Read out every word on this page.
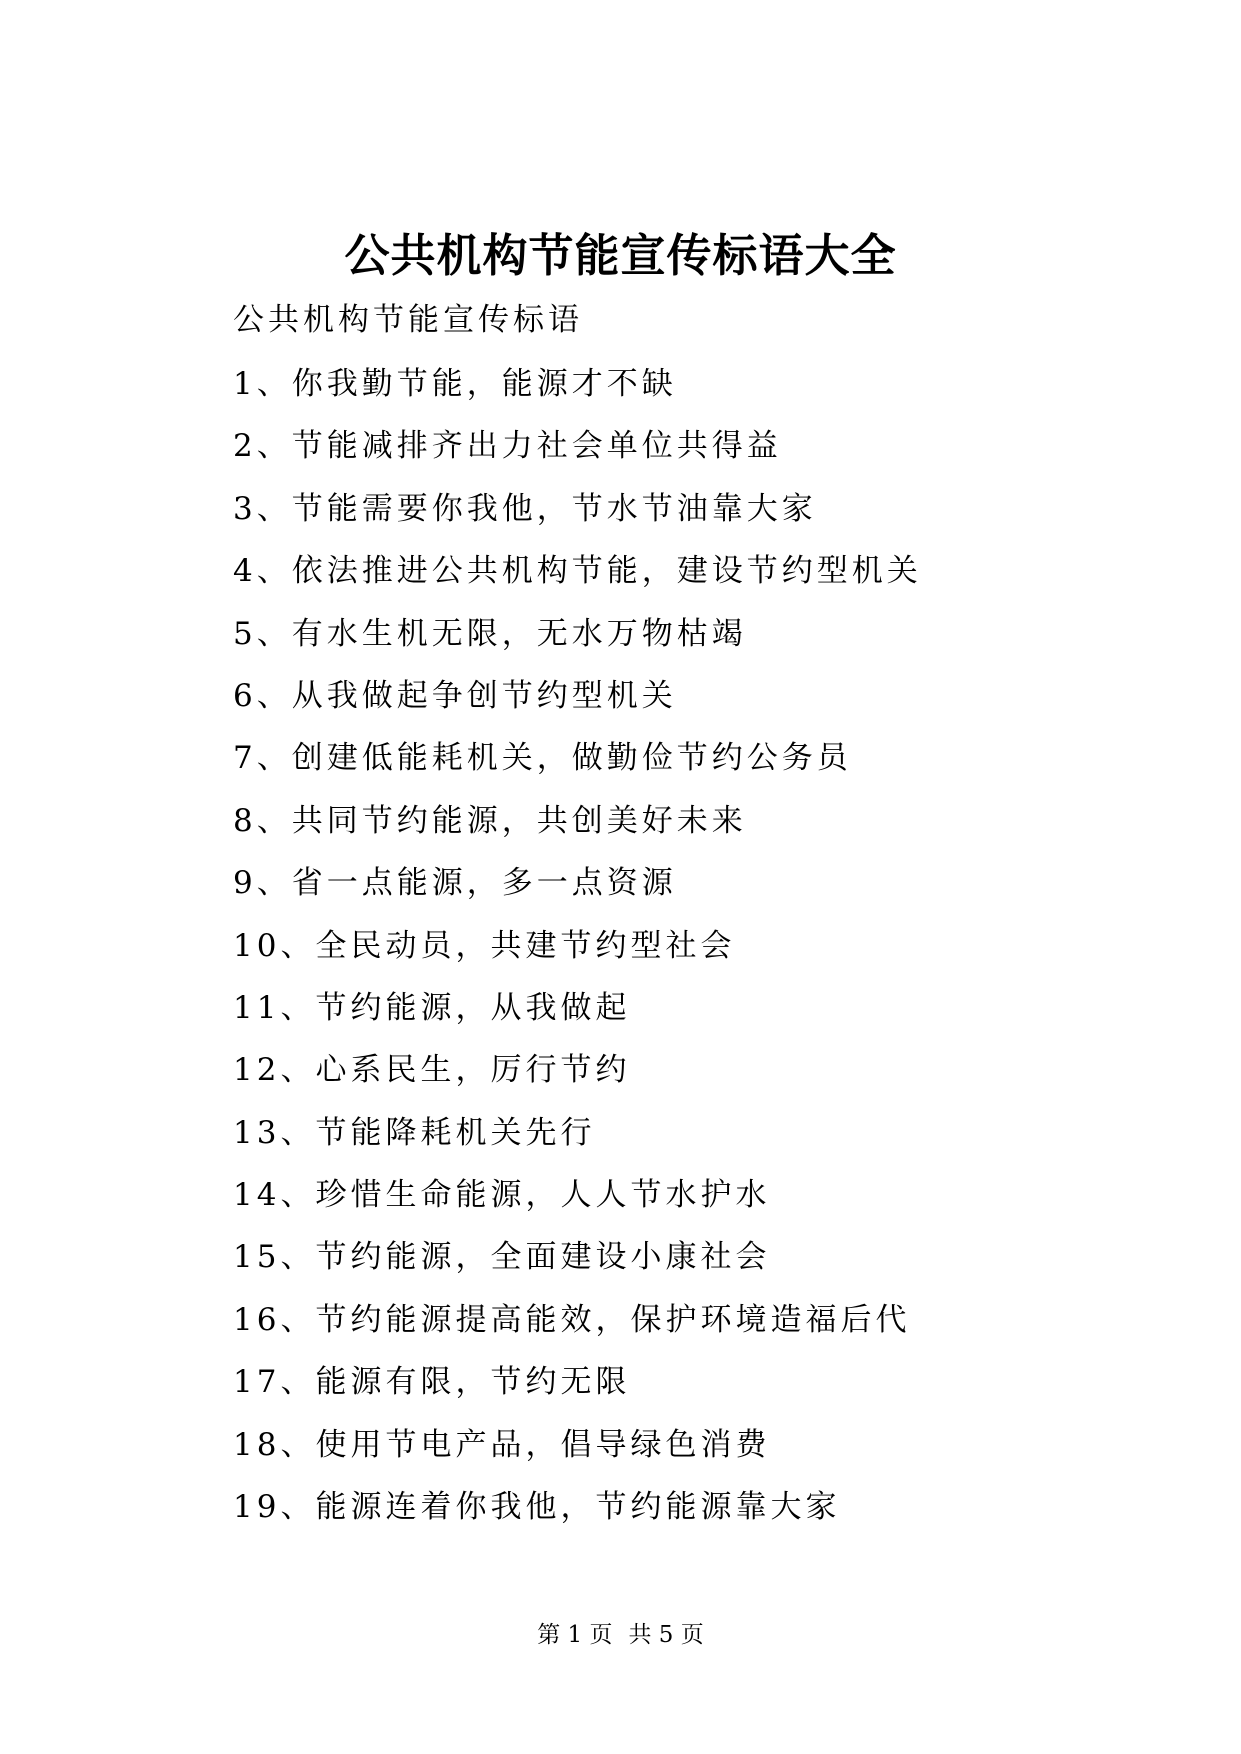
公共机构节能宣传标语大全

公共机构节能宣传标语

1、你我勤节能，能源才不缺
2、节能减排齐出力社会单位共得益
3、节能需要你我他，节水节油靠大家
4、依法推进公共机构节能，建设节约型机关
5、有水生机无限，无水万物枯竭
6、从我做起争创节约型机关
7、创建低能耗机关，做勤俭节约公务员
8、共同节约能源，共创美好未来
9、省一点能源，多一点资源
10、全民动员，共建节约型社会
11、节约能源，从我做起
12、心系民生，厉行节约
13、节能降耗机关先行
14、珍惜生命能源，人人节水护水
15、节约能源，全面建设小康社会
16、节约能源提高能效，保护环境造福后代
17、能源有限，节约无限
18、使用节电产品，倡导绿色消费
19、能源连着你我他，节约能源靠大家
第 1 页 共 5 页
